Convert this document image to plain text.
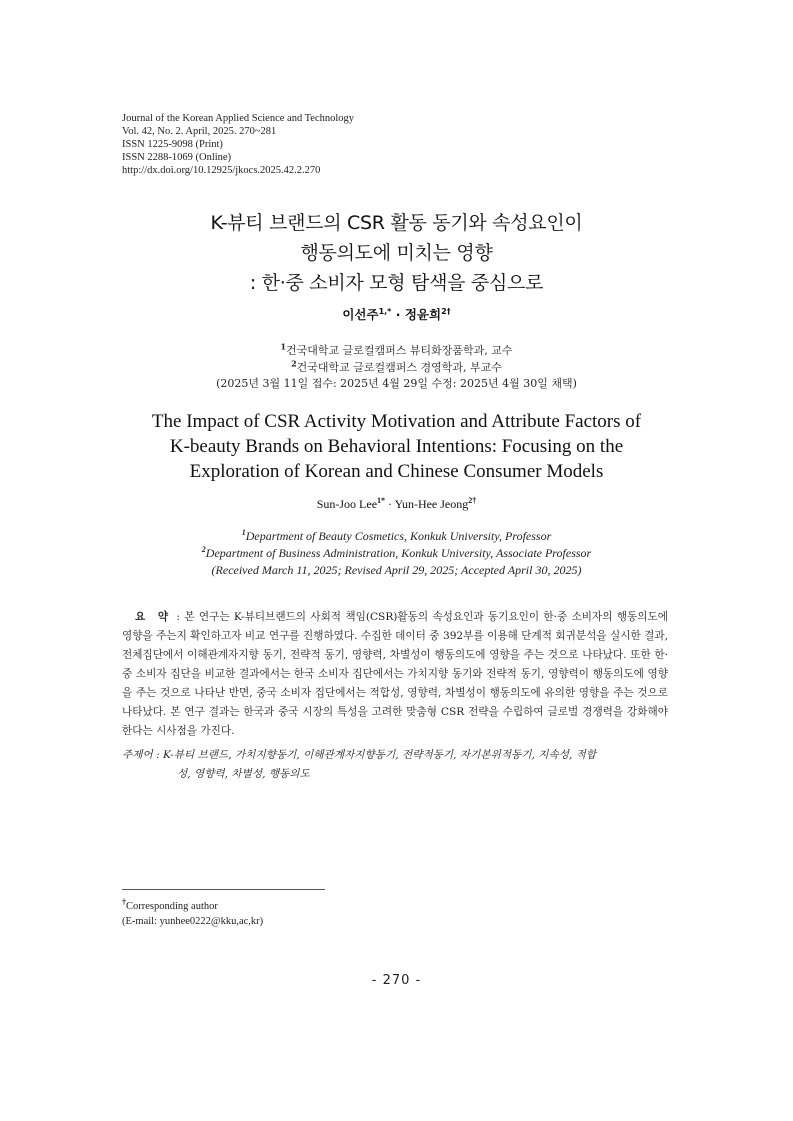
Journal of the Korean Applied Science and Technology
Vol. 42, No. 2. April, 2025. 270~281
ISSN 1225-9098 (Print)
ISSN 2288-1069 (Online)
http://dx.doi.org/10.12925/jkocs.2025.42.2.270
K-뷰티 브랜드의 CSR 활동 동기와 속성요인이
행동의도에 미치는 영향
: 한·중 소비자 모형 탐색을 중심으로
이선주$^{1,*}$ · 정윤희$^{2\dagger}$
$^1$건국대학교 글로컬캠퍼스 뷰티화장품학과, 교수
$^2$건국대학교 글로컬캠퍼스 경영학과, 부교수
(2025년 3월 11일 접수: 2025년 4월 29일 수정: 2025년 4월 30일 채택)
The Impact of CSR Activity Motivation and Attribute Factors of
K-beauty Brands on Behavioral Intentions: Focusing on the
Exploration of Korean and Chinese Consumer Models
Sun-Joo Lee$^{1*}$ · Yun-Hee Jeong$^{2\dagger}$
$^1$Department of Beauty Cosmetics, Konkuk University, Professor
$^2$Department of Business Administration, Konkuk University, Associate Professor
(Received March 11, 2025; Revised April 29, 2025; Accepted April 30, 2025)
요 약 : 본 연구는 K-뷰티브랜드의 사회적 책임(CSR)활동의 속성요인과 동기요인이 한·중 소비자의 행동의도에 영향을 주는지 확인하고자 비교 연구를 진행하였다. 수집한 데이터 중 392부를 이용해 단계적 회귀분석을 실시한 결과, 전체집단에서 이해관계자지향 동기, 전략적 동기, 영향력, 차별성이 행동의도에 영향을 주는 것으로 나타났다. 또한 한·중 소비자 집단을 비교한 결과에서는 한국 소비자 집단에서는 가치지향 동기와 전략적 동기, 영향력이 행동의도에 영향을 주는 것으로 나타난 반면, 중국 소비자 집단에서는 적합성, 영향력, 차별성이 행동의도에 유의한 영향을 주는 것으로 나타났다. 본 연구 결과는 한국과 중국 시장의 특성을 고려한 맞춤형 CSR 전략을 수립하여 글로벌 경쟁력을 강화해야 한다는 시사점을 가진다.
주제어 : K-뷰티 브랜드, 가치지향동기, 이해관계자지향동기, 전략적동기, 자기본위적동기, 지속성, 적합
성, 영향력, 차별성, 행동의도
†Corresponding author
(E-mail: yunhee0222@kku,ac,kr)
- 270 -
